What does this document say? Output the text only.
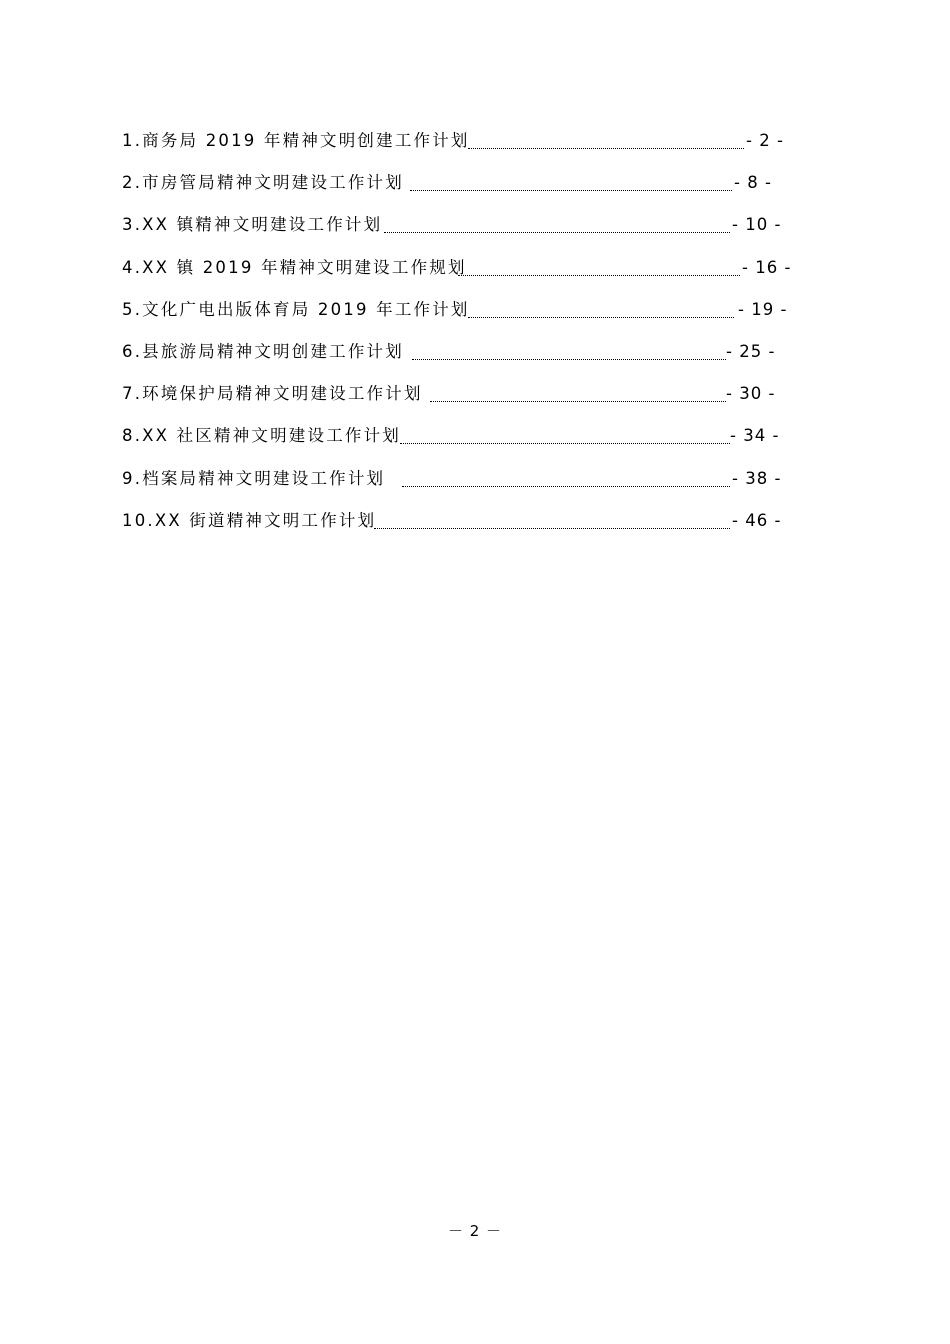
1.商务局 2019 年精神文明创建工作计划	- 2 -
2.市房管局精神文明建设工作计划	- 8 -
3.XX 镇精神文明建设工作计划	- 10 -
4.XX 镇 2019 年精神文明建设工作规划	- 16 -
5.文化广电出版体育局 2019 年工作计划	- 19 -
6.县旅游局精神文明创建工作计划	- 25 -
7.环境保护局精神文明建设工作计划	- 30 -
8.XX 社区精神文明建设工作计划	- 34 -
9.档案局精神文明建设工作计划	- 38 -
10.XX 街道精神文明工作计划	- 46 -
－ 2 －
